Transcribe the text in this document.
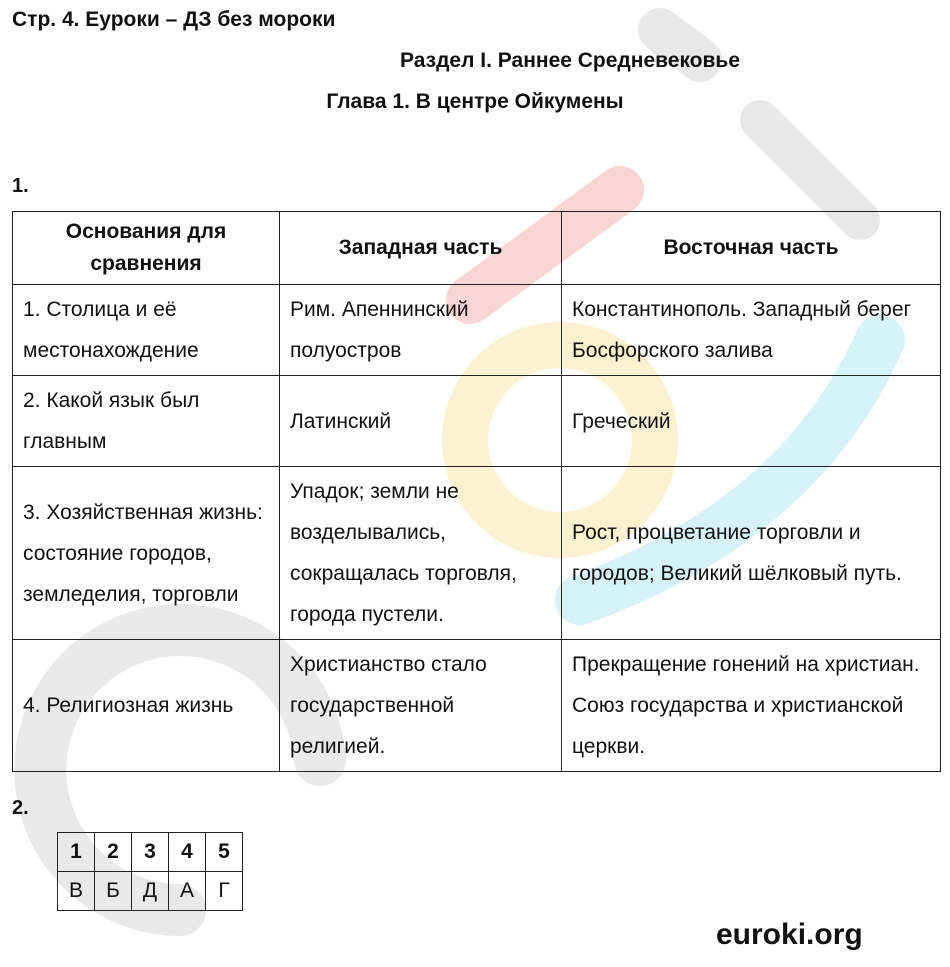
Стр. 4. Еуроки – ДЗ без мороки
Раздел I. Раннее Средневековье
Глава 1. В центре Ойкумены
1.
Основания для сравнения	Западная часть	Восточная часть
1. Столица и её местонахождение	Рим. Апеннинский полуостров	Константинополь. Западный берег Босфорского залива
2. Какой язык был главным	Латинский	Греческий
3. Хозяйственная жизнь: состояние городов, земледелия, торговли	Упадок; земли не возделывались, сокращалась торговля, города пустели.	Рост, процветание торговли и городов; Великий шёлковый путь.
4. Религиозная жизнь	Христианство стало государственной религией.	Прекращение гонений на христиан. Союз государства и христианской церкви.
2.
1	2	3	4	5
В	Б	Д	А	Г
euroki.org
